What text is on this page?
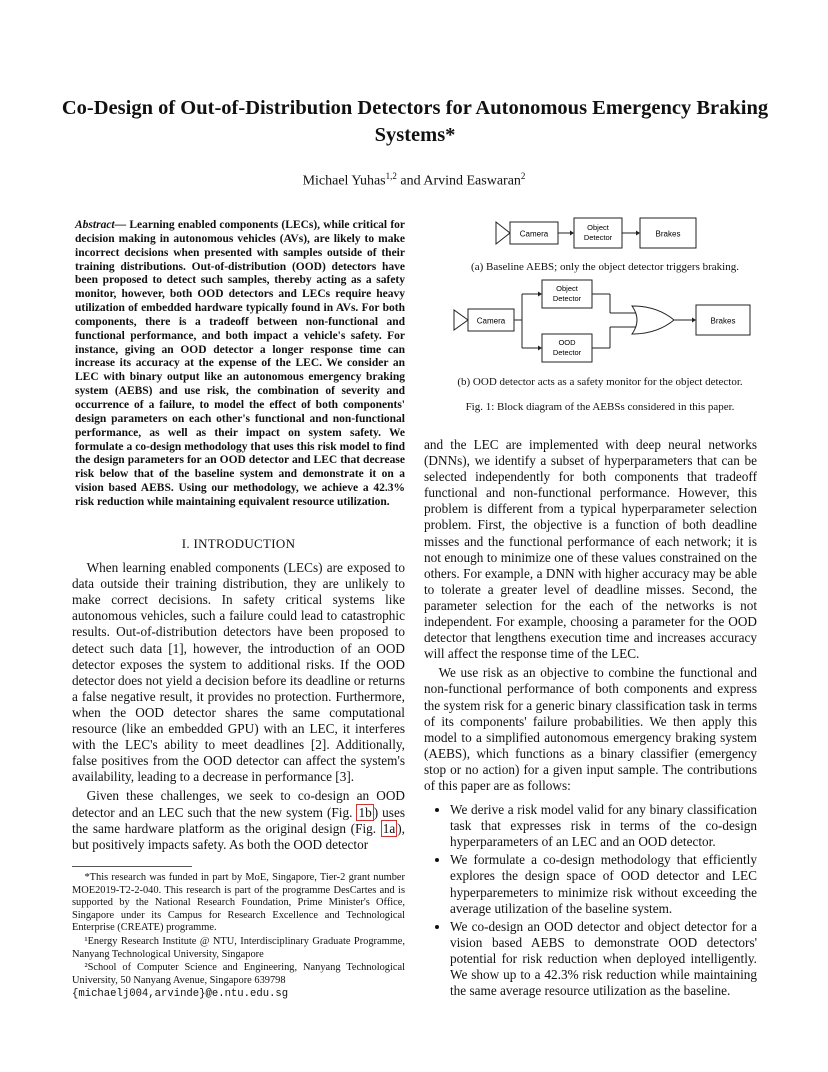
Co-Design of Out-of-Distribution Detectors for Autonomous Emergency Braking Systems*
Michael Yuhas$^{1,2}$ and Arvind Easwaran$^2$
Camera
Object
Detector	Brakes
(a) Baseline AEBS; only the object detector triggers braking.
Camera
Object
Detector
OOD
Detector
Brakes
(b) OOD detector acts as a safety monitor for the object detector.
Fig. 1: Block diagram of the AEBSs considered in this paper.
Abstract— Learning enabled components (LECs), while critical for decision making in autonomous vehicles (AVs), are likely to make incorrect decisions when presented with samples outside of their training distributions. Out-of-distribution (OOD) detectors have been proposed to detect such samples, thereby acting as a safety monitor, however, both OOD detectors and LECs require heavy utilization of embedded hardware typically found in AVs. For both components, there is a tradeoff between non-functional and functional performance, and both impact a vehicle's safety. For instance, giving an OOD detector a longer response time can increase its accuracy at the expense of the LEC. We consider an LEC with binary output like an autonomous emergency braking system (AEBS) and use risk, the combination of severity and occurrence of a failure, to model the effect of both components' design parameters on each other's functional and non-functional performance, as well as their impact on system safety. We formulate a co-design methodology that uses this risk model to find the design parameters for an OOD detector and LEC that decrease risk below that of the baseline system and demonstrate it on a vision based AEBS. Using our methodology, we achieve a 42.3% risk reduction while maintaining equivalent resource utilization.
I. INTRODUCTION

When learning enabled components (LECs) are exposed to data outside their training distribution, they are unlikely to make correct decisions. In safety critical systems like autonomous vehicles, such a failure could lead to catastrophic results. Out-of-distribution detectors have been proposed to detect such data [1], however, the introduction of an OOD detector exposes the system to additional risks. If the OOD detector does not yield a decision before its deadline or returns a false negative result, it provides no protection. Furthermore, when the OOD detector shares the same computational resource (like an embedded GPU) with an LEC, it interferes with the LEC's ability to meet deadlines [2]. Additionally, false positives from the OOD detector can affect the system's availability, leading to a decrease in performance [3].

Given these challenges, we seek to co-design an OOD detector and an LEC such that the new system (Fig. 1b ) uses the same hardware platform as the original design (Fig. 1a ), but positively impacts safety. As both the OOD detector

*This research was funded in part by MoE, Singapore, Tier-2 grant number MOE2019-T2-2-040. This research is part of the programme DesCartes and is supported by the National Research Foundation, Prime Minister's Office, Singapore under its Campus for Research Excellence and Technological Enterprise (CREATE) programme.

¹Energy Research Institute @ NTU, Interdisciplinary Graduate Programme, Nanyang Technological University, Singapore

²School of Computer Science and Engineering, Nanyang Technological University, 50 Nanyang Avenue, Singapore 639798

{michaelj004,arvinde}@e.ntu.edu.sg

and the LEC are implemented with deep neural networks (DNNs), we identify a subset of hyperparameters that can be selected independently for both components that tradeoff functional and non-functional performance. However, this problem is different from a typical hyperparameter selection problem. First, the objective is a function of both deadline misses and the functional performance of each network; it is not enough to minimize one of these values constrained on the others. For example, a DNN with higher accuracy may be able to tolerate a greater level of deadline misses. Second, the parameter selection for the each of the networks is not independent. For example, choosing a parameter for the OOD detector that lengthens execution time and increases accuracy will affect the response time of the LEC.

We use risk as an objective to combine the functional and non-functional performance of both components and express the system risk for a generic binary classification task in terms of its components' failure probabilities. We then apply this model to a simplified autonomous emergency braking system (AEBS), which functions as a binary classifier (emergency stop or no action) for a given input sample. The contributions of this paper are as follows:

• We derive a risk model valid for any binary classification task that expresses risk in terms of the co-design hyperparameters of an LEC and an OOD detector.
• We formulate a co-design methodology that efficiently explores the design space of OOD detector and LEC hyperparemeters to minimize risk without exceeding the average utilization of the baseline system.
• We co-design an OOD detector and object detector for a vision based AEBS to demonstrate OOD detectors' potential for risk reduction when deployed intelligently. We show up to a 42.3% risk reduction while maintaining the same average resource utilization as the baseline.
